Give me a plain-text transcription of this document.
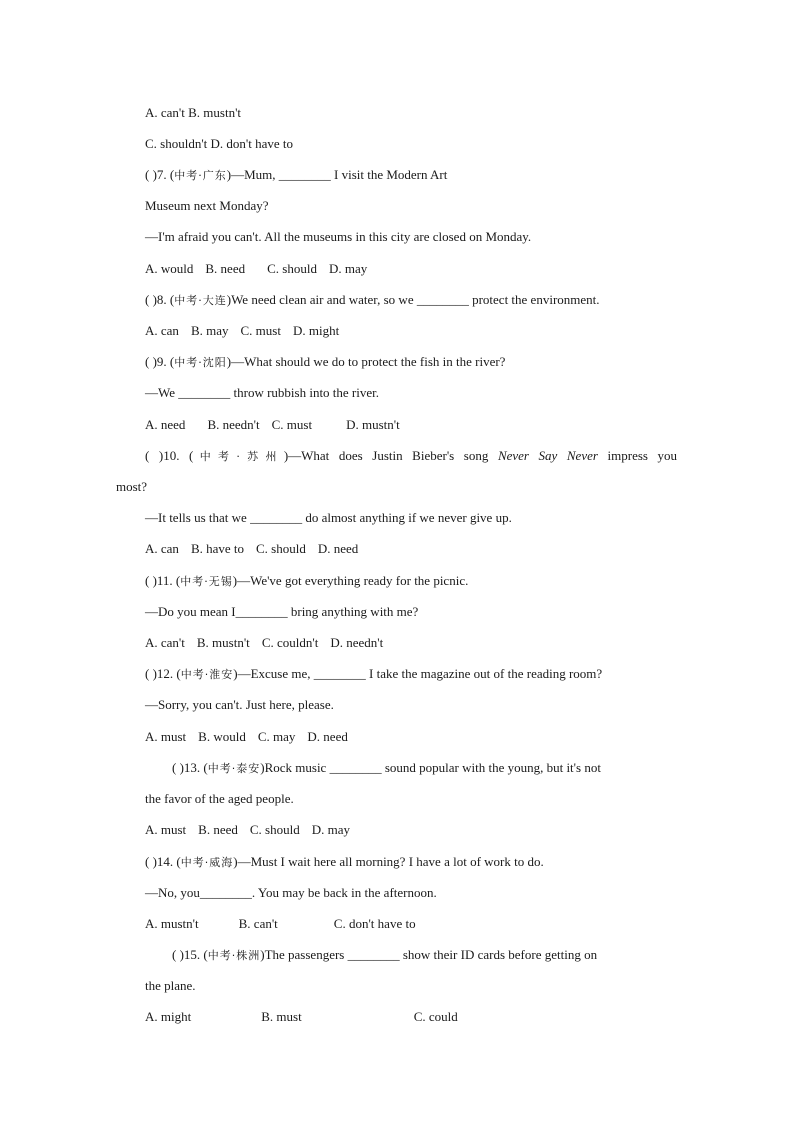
A. can't B. mustn't
C. shouldn't D. don't have to
( )7. (中考·广东)—Mum, ________ I visit the Modern Art
Museum next Monday?
—I'm afraid you can't. All the museums in this city are closed on Monday.
A. would B. need C. should D. may
( )8. (中考·大连)We need clean air and water, so we ________ protect the environment.
A. can B. may C. must D. might
( )9. (中考·沈阳)—What should we do to protect the fish in the river?
—We ________ throw rubbish into the river.
A. need B. needn't C. must	D. mustn't
( )10. (中考·苏州)—What does Justin Bieber's song Never Say Never impress you
most?
—It tells us that we ________ do almost anything if we never give up.
A. can B. have to C. should D. need
( )11. (中考·无锡)—We've got everything ready for the picnic.
—Do you mean I________ bring anything with me?
A. can't B. mustn't C. couldn't D. needn't
( )12. (中考·淮安)—Excuse me, ________ I take the magazine out of the reading room?
—Sorry, you can't. Just here, please.
A. must B. would C. may D. need
( )13. (中考·泰安)Rock music ________ sound popular with the young, but it's not
the favor of the aged people.
A. must B. need C. should D. may
( )14. (中考·威海)—Must I wait here all morning? I have a lot of work to do.
—No, you________. You may be back in the afternoon.
A. mustn't	B. can't	C. don't have to
( )15. (中考·株洲)The passengers ________ show their ID cards before getting on
the plane.
A. might	B. must	C. could
